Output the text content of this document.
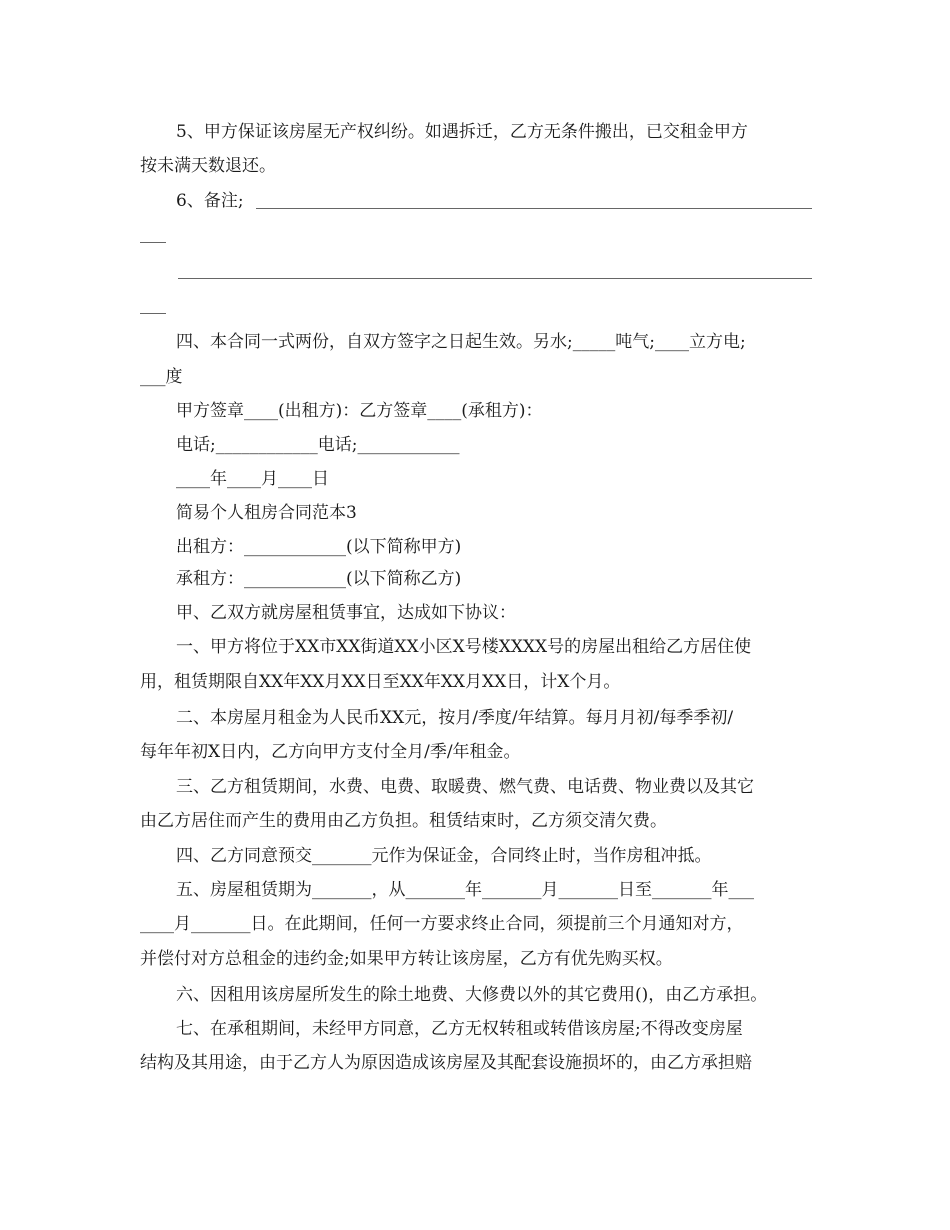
5、甲方保证该房屋无产权纠纷。如遇拆迁，乙方无条件搬出，已交租金甲方
按未满天数退还。
6、备注;
四、本合同一式两份，自双方签字之日起生效。另水;_____吨气;____立方电;
___度
甲方签章____(出租方)：乙方签章____(承租方)：
电话;____________电话;____________
____年____月____日
简易个人租房合同范本3
出租方：____________(以下简称甲方)
承租方：____________(以下简称乙方)
甲、乙双方就房屋租赁事宜，达成如下协议：
一、甲方将位于XX市XX街道XX小区X号楼XXXX号的房屋出租给乙方居住使
用，租赁期限自XX年XX月XX日至XX年XX月XX日，计X个月。
二、本房屋月租金为人民币XX元，按月/季度/年结算。每月月初/每季季初/
每年年初X日内，乙方向甲方支付全月/季/年租金。
三、乙方租赁期间，水费、电费、取暖费、燃气费、电话费、物业费以及其它
由乙方居住而产生的费用由乙方负担。租赁结束时，乙方须交清欠费。
四、乙方同意预交_______元作为保证金，合同终止时，当作房租冲抵。
五、房屋租赁期为_______，从_______年_______月_______日至_______年___
____月_______日。在此期间，任何一方要求终止合同，须提前三个月通知对方，
并偿付对方总租金的违约金;如果甲方转让该房屋，乙方有优先购买权。
六、因租用该房屋所发生的除土地费、大修费以外的其它费用()，由乙方承担。
七、在承租期间，未经甲方同意，乙方无权转租或转借该房屋;不得改变房屋
结构及其用途，由于乙方人为原因造成该房屋及其配套设施损坏的，由乙方承担赔
